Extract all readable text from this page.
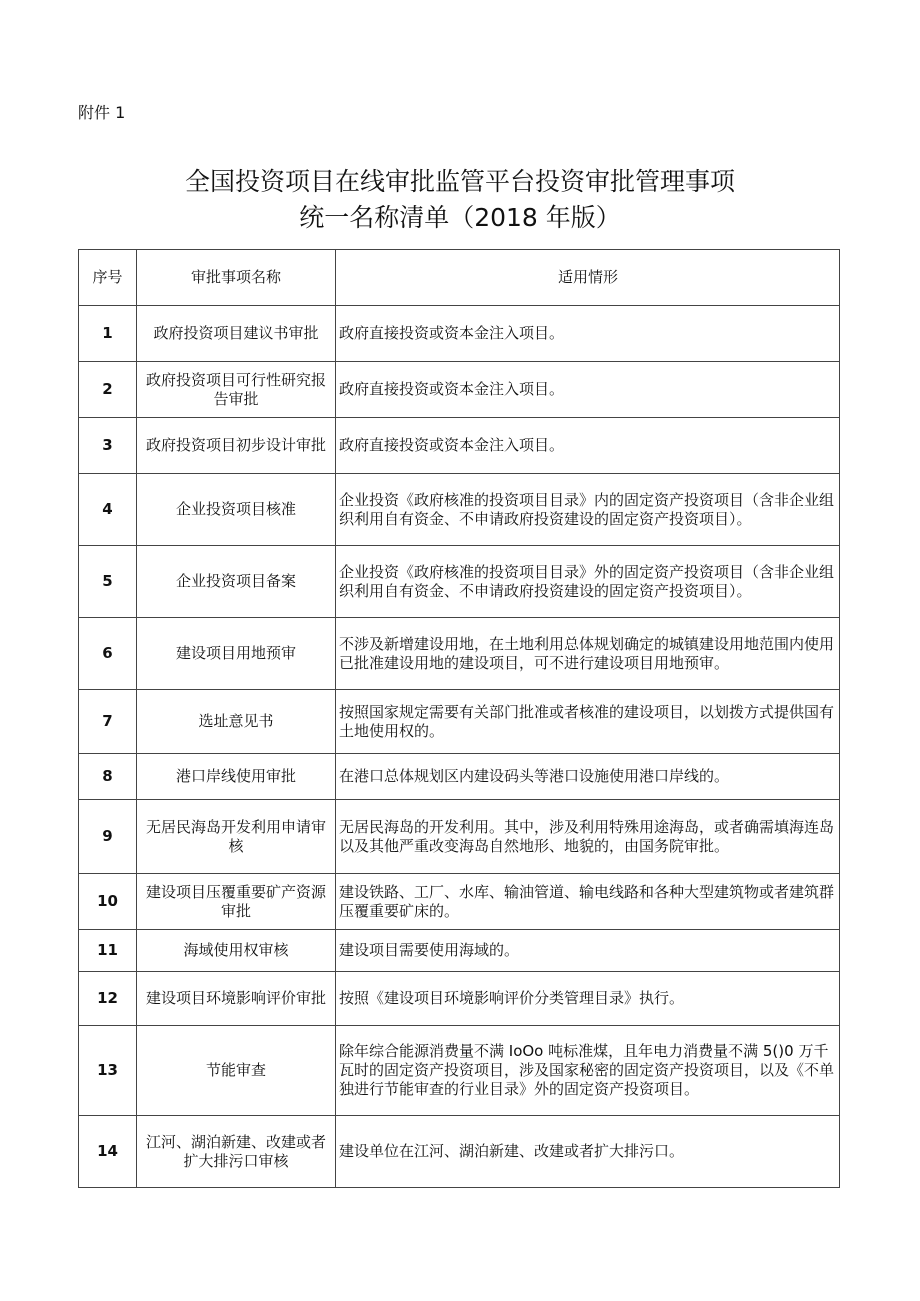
附件 1
全国投资项目在线审批监管平台投资审批管理事项
统一名称清单（2018 年版）
序号	审批事项名称	适用情形
1	政府投资项目建议书审批	政府直接投资或资本金注入项目。
2	政府投资项目可行性研究报告审批	政府直接投资或资本金注入项目。
3	政府投资项目初步设计审批	政府直接投资或资本金注入项目。
4	企业投资项目核准	企业投资《政府核准的投资项目目录》内的固定资产投资项目（含非企业组织利用自有资金、不申请政府投资建设的固定资产投资项目）。
5	企业投资项目备案	企业投资《政府核准的投资项目目录》外的固定资产投资项目（含非企业组织利用自有资金、不申请政府投资建设的固定资产投资项目）。
6	建设项目用地预审	不涉及新增建设用地，在土地利用总体规划确定的城镇建设用地范围内使用已批准建设用地的建设项目，可不进行建设项目用地预审。
7	选址意见书	按照国家规定需要有关部门批准或者核准的建设项目，以划拨方式提供国有土地使用权的。
8	港口岸线使用审批	在港口总体规划区内建设码头等港口设施使用港口岸线的。
9	无居民海岛开发利用申请审核	无居民海岛的开发利用。其中，涉及利用特殊用途海岛，或者确需填海连岛以及其他严重改变海岛自然地形、地貌的，由国务院审批。
10	建设项目压覆重要矿产资源审批	建设铁路、工厂、水库、输油管道、输电线路和各种大型建筑物或者建筑群压覆重要矿床的。
11	海域使用权审核	建设项目需要使用海域的。
12	建设项目环境影响评价审批	按照《建设项目环境影响评价分类管理目录》执行。
13	节能审查	除年综合能源消费量不满 IoOo 吨标准煤，且年电力消费量不满 5()0 万千瓦时的固定资产投资项目，涉及国家秘密的固定资产投资项目，以及《不单独进行节能审查的行业目录》外的固定资产投资项目。
14	江河、湖泊新建、改建或者扩大排污口审核	建设单位在江河、湖泊新建、改建或者扩大排污口。
